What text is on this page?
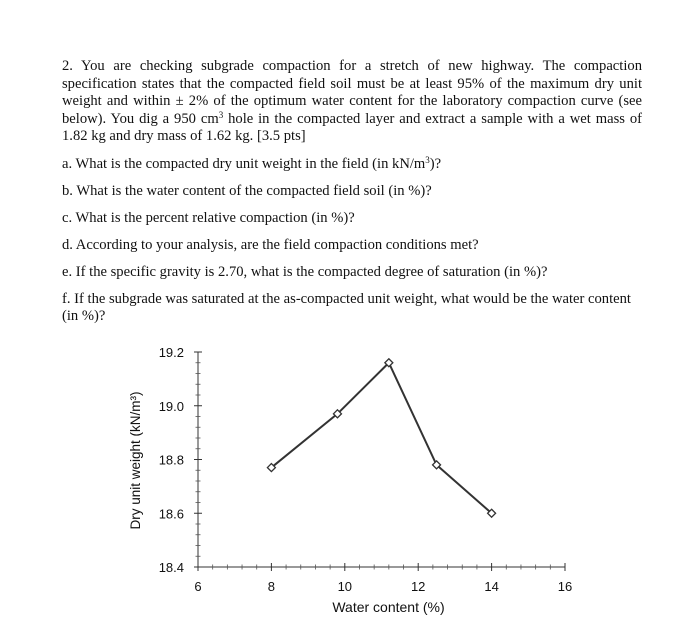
2. You are checking subgrade compaction for a stretch of new highway. The compaction specification states that the compacted field soil must be at least 95% of the maximum dry unit weight and within ± 2% of the optimum water content for the laboratory compaction curve (see below). You dig a 950 $cm^3$ hole in the compacted layer and extract a sample with a wet mass of 1.82 kg and dry mass of 1.62 kg. [3.5 pts]

a. What is the compacted dry unit weight in the field (in $kN/m^3$)?

b. What is the water content of the compacted field soil (in %)?

c. What is the percent relative compaction (in %)?

d. According to your analysis, are the field compaction conditions met?

e. If the specific gravity is 2.70, what is the compacted degree of saturation (in %)?

f. If the subgrade was saturated at the as-compacted unit weight, what would be the water content (in %)?

6	8	10	12	14	16
18.4
18.6
18.8
19.0
19.2
Water content (%)
Dry unit weight (kN/m³)
